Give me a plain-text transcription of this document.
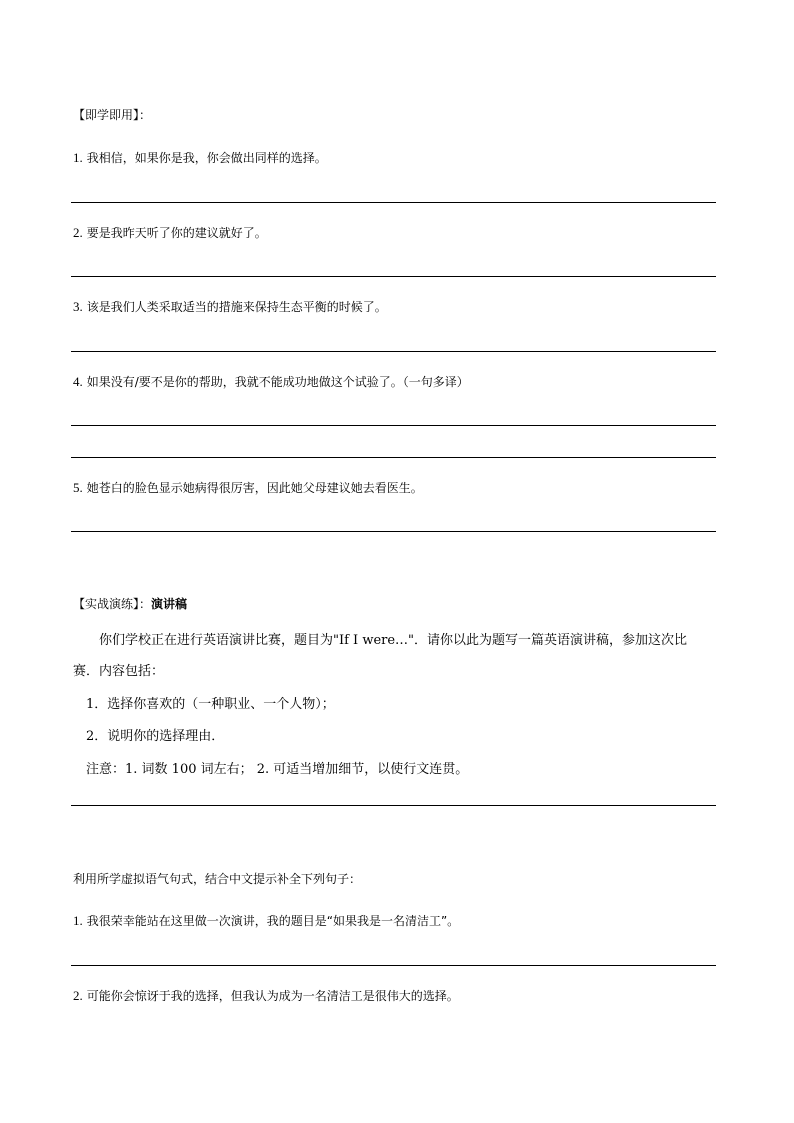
【即学即用】：
1. 我相信，如果你是我，你会做出同样的选择。
2. 要是我昨天听了你的建议就好了。
3. 该是我们人类采取适当的措施来保持生态平衡的时候了。
4. 如果没有/要不是你的帮助，我就不能成功地做这个试验了。（一句多译）
5. 她苍白的脸色显示她病得很厉害，因此她父母建议她去看医生。
【实战演练】：演讲稿
你们学校正在进行英语演讲比赛，题目为"If I were…"．请你以此为题写一篇英语演讲稿，参加这次比
赛．内容包括：
1．选择你喜欢的（一种职业、一个人物）；
2．说明你的选择理由．
注意：1. 词数 100 词左右； 2. 可适当增加细节，以使行文连贯。
利用所学虚拟语气句式，结合中文提示补全下列句子：
1. 我很荣幸能站在这里做一次演讲，我的题目是“如果我是一名清洁工”。
2. 可能你会惊讶于我的选择，但我认为成为一名清洁工是很伟大的选择。
